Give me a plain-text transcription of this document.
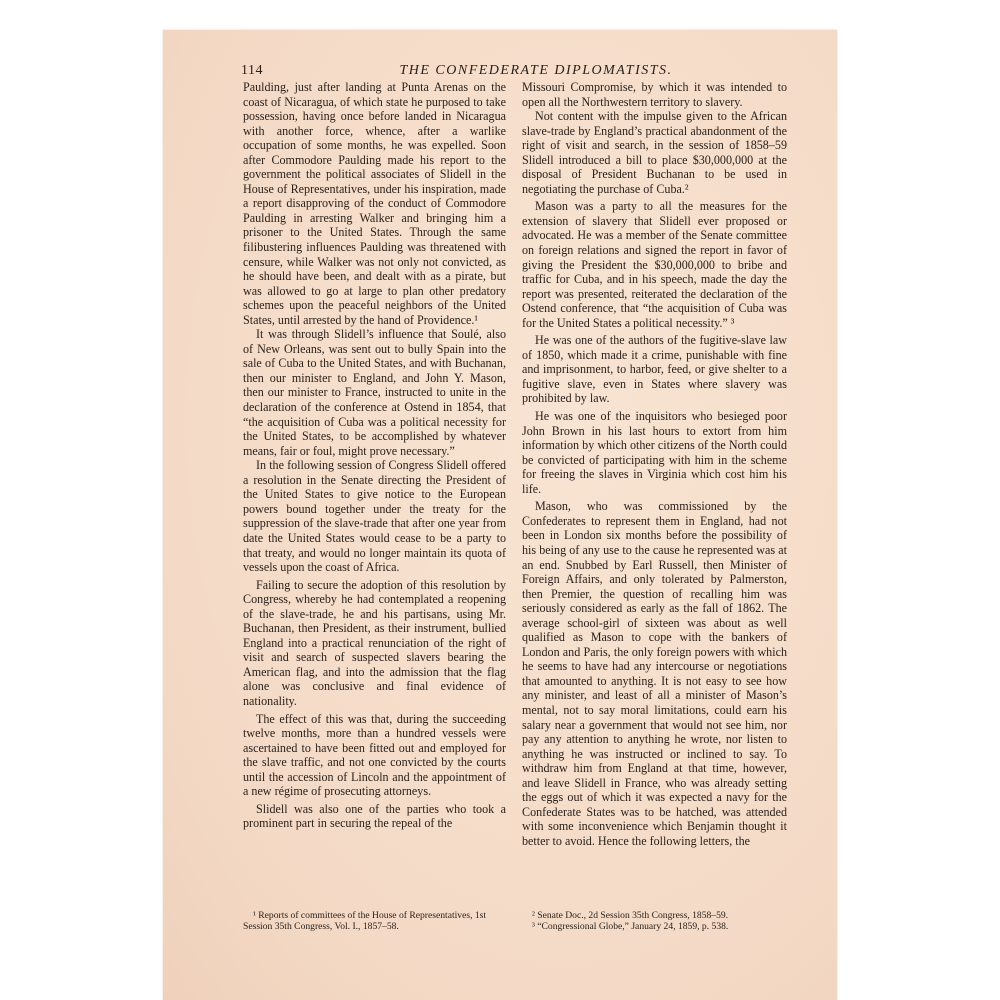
114	THE CONFEDERATE DIPLOMATISTS.

Paulding, just after landing at Punta Arenas on the coast of Nicaragua, of which state he purposed to take possession, having once before landed in Nicaragua with another force, whence, after a warlike occupation of some months, he was expelled. Soon after Commodore Paulding made his report to the government the political associates of Slidell in the House of Representatives, under his inspiration, made a report disapproving of the conduct of Commodore Paulding in arresting Walker and bringing him a prisoner to the United States. Through the same filibustering influences Paulding was threatened with censure, while Walker was not only not convicted, as he should have been, and dealt with as a pirate, but was allowed to go at large to plan other predatory schemes upon the peaceful neighbors of the United States, until arrested by the hand of Providence.¹

It was through Slidell’s influence that Soulé, also of New Orleans, was sent out to bully Spain into the sale of Cuba to the United States, and with Buchanan, then our minister to England, and John Y. Mason, then our minister to France, instructed to unite in the declaration of the conference at Ostend in 1854, that “the acquisition of Cuba was a political necessity for the United States, to be accomplished by whatever means, fair or foul, might prove necessary.”

In the following session of Congress Slidell offered a resolution in the Senate directing the President of the United States to give notice to the European powers bound together under the treaty for the suppression of the slave-trade that after one year from date the United States would cease to be a party to that treaty, and would no longer maintain its quota of vessels upon the coast of Africa.

Failing to secure the adoption of this resolution by Congress, whereby he had contemplated a reopening of the slave-trade, he and his partisans, using Mr. Buchanan, then President, as their instrument, bullied England into a practical renunciation of the right of visit and search of suspected slavers bearing the American flag, and into the admission that the flag alone was conclusive and final evidence of nationality.

The effect of this was that, during the succeeding twelve months, more than a hundred vessels were ascertained to have been fitted out and employed for the slave traffic, and not one convicted by the courts until the accession of Lincoln and the appointment of a new régime of prosecuting attorneys.

Slidell was also one of the parties who took a prominent part in securing the repeal of the

Missouri Compromise, by which it was intended to open all the Northwestern territory to slavery.

Not content with the impulse given to the African slave-trade by England’s practical abandonment of the right of visit and search, in the session of 1858–59 Slidell introduced a bill to place $30,000,000 at the disposal of President Buchanan to be used in negotiating the purchase of Cuba.²

Mason was a party to all the measures for the extension of slavery that Slidell ever proposed or advocated. He was a member of the Senate committee on foreign relations and signed the report in favor of giving the President the $30,000,000 to bribe and traffic for Cuba, and in his speech, made the day the report was presented, reiterated the declaration of the Ostend conference, that “the acquisition of Cuba was for the United States a political necessity.” ³

He was one of the authors of the fugitive-slave law of 1850, which made it a crime, punishable with fine and imprisonment, to harbor, feed, or give shelter to a fugitive slave, even in States where slavery was prohibited by law.

He was one of the inquisitors who besieged poor John Brown in his last hours to extort from him information by which other citizens of the North could be convicted of participating with him in the scheme for freeing the slaves in Virginia which cost him his life.

Mason, who was commissioned by the Confederates to represent them in England, had not been in London six months before the possibility of his being of any use to the cause he represented was at an end. Snubbed by Earl Russell, then Minister of Foreign Affairs, and only tolerated by Palmerston, then Premier, the question of recalling him was seriously considered as early as the fall of 1862. The average school-girl of sixteen was about as well qualified as Mason to cope with the bankers of London and Paris, the only foreign powers with which he seems to have had any intercourse or negotiations that amounted to anything. It is not easy to see how any minister, and least of all a minister of Mason’s mental, not to say moral limitations, could earn his salary near a government that would not see him, nor pay any attention to anything he wrote, nor listen to anything he was instructed or inclined to say. To withdraw him from England at that time, however, and leave Slidell in France, who was already setting the eggs out of which it was expected a navy for the Confederate States was to be hatched, was attended with some inconvenience which Benjamin thought it better to avoid. Hence the following letters, the

¹ Reports of committees of the House of Representatives, 1st Session 35th Congress, Vol. I., 1857–58.

² Senate Doc., 2d Session 35th Congress, 1858–59.

³ “Congressional Globe,” January 24, 1859, p. 538.
